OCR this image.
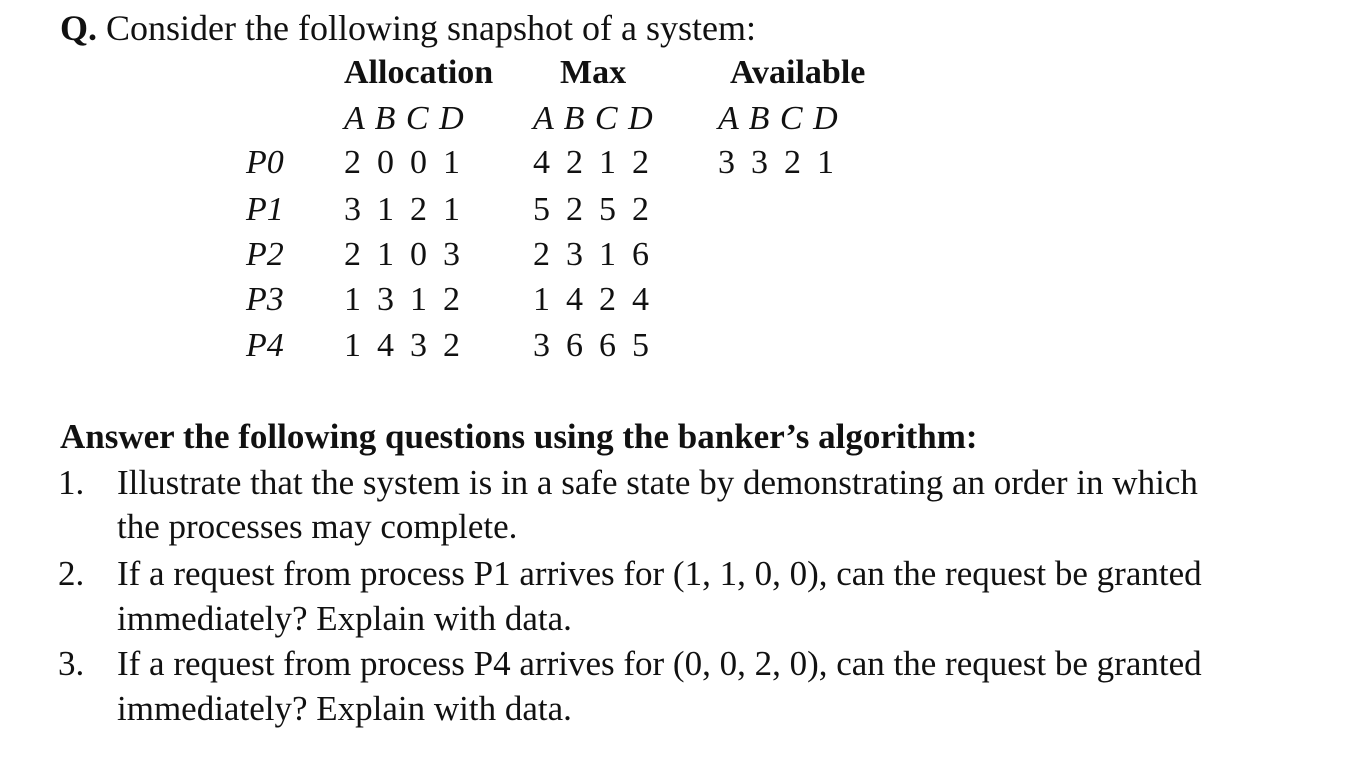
Q. Consider the following snapshot of a system:
Allocation Max	Available
A B C D A B C D A B C D
P0 2 0 0 1	4 2 1 2	3 3 2 1
P1 3 1 2 1	5 2 5 2
P2 2 1 0 3	2 3 1 6
P3 1 3 1 2	1 4 2 4
P4 1 4 3 2	3 6 6 5
Answer the following questions using the banker’s algorithm:
1. Illustrate that the system is in a safe state by demonstrating an order in which
the processes may complete.
2. If a request from process P1 arrives for (1, 1, 0, 0), can the request be granted
immediately? Explain with data.
3. If a request from process P4 arrives for (0, 0, 2, 0), can the request be granted
immediately? Explain with data.
